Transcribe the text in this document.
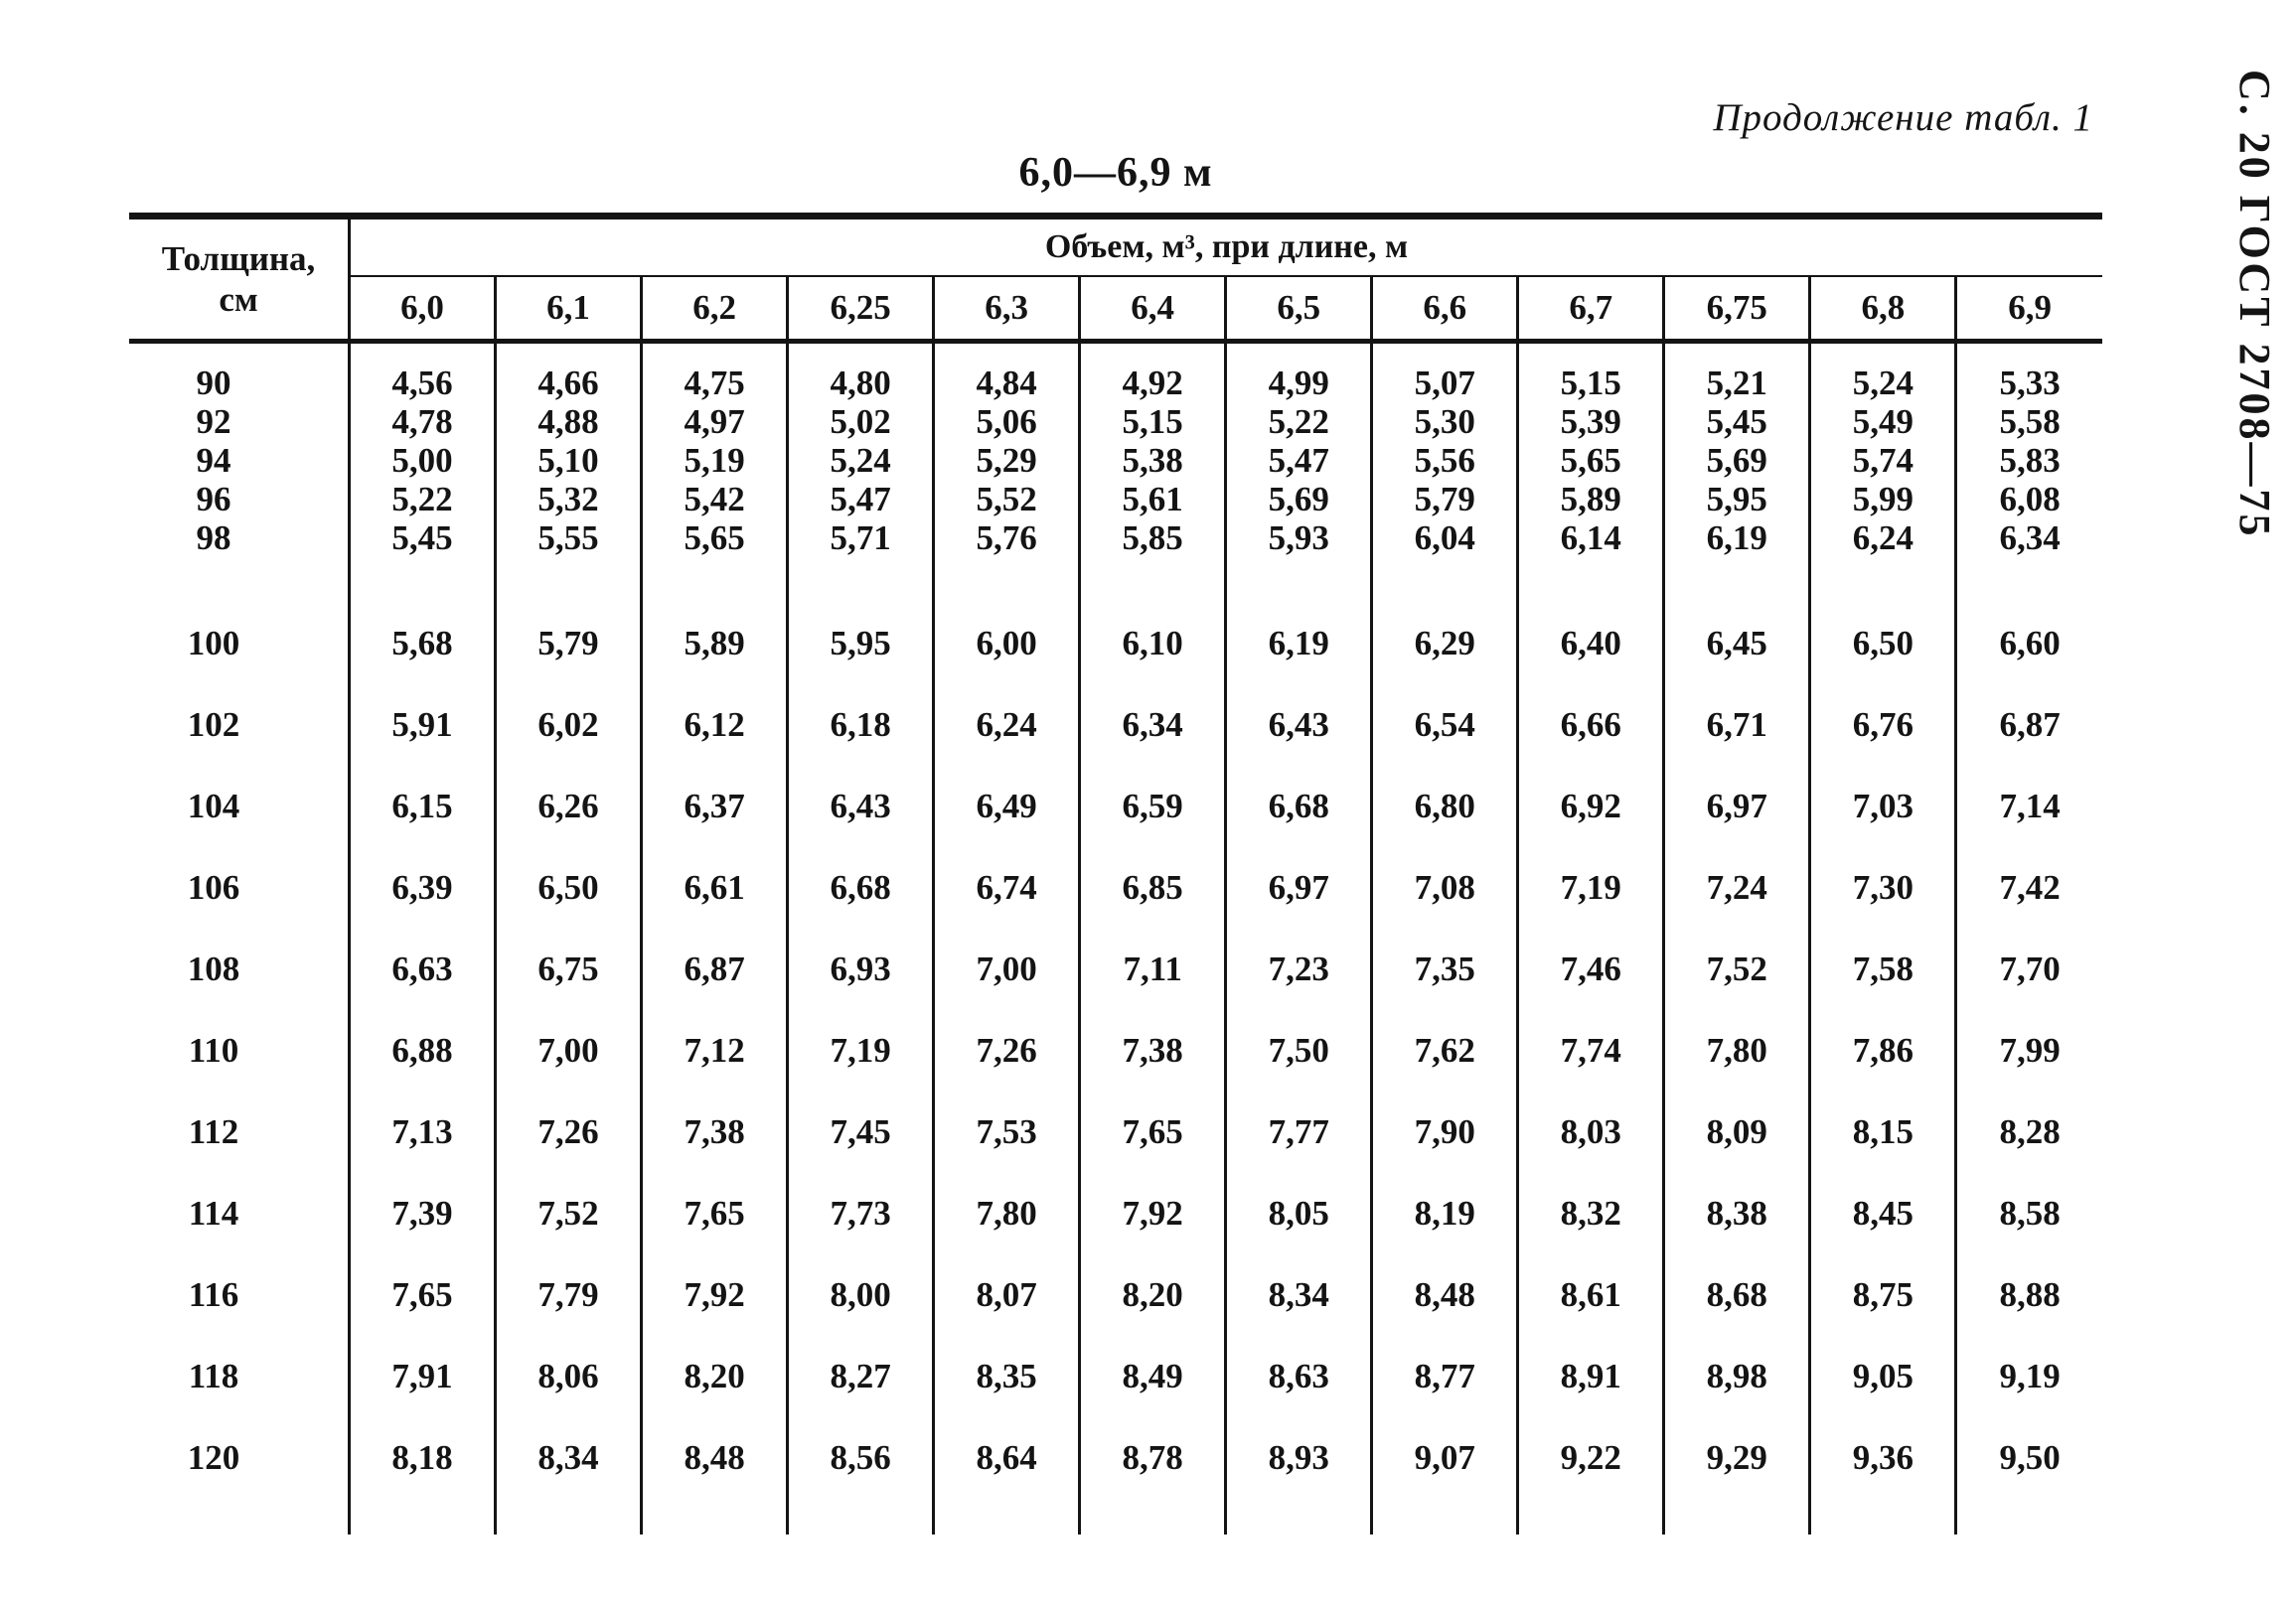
Продолжение табл. 1	С. 20 ГОСТ 2708—75
6,0—6,9 м
Толщина,
см	Объем, м³, при длине, м											
	6,0	6,1	6,2	6,25	6,3	6,4	6,5	6,6	6,7	6,75	6,8	6,9
90	4,56	4,66	4,75	4,80	4,84	4,92	4,99	5,07	5,15	5,21	5,24	5,33
92	4,78	4,88	4,97	5,02	5,06	5,15	5,22	5,30	5,39	5,45	5,49	5,58
94	5,00	5,10	5,19	5,24	5,29	5,38	5,47	5,56	5,65	5,69	5,74	5,83
96	5,22	5,32	5,42	5,47	5,52	5,61	5,69	5,79	5,89	5,95	5,99	6,08
98	5,45	5,55	5,65	5,71	5,76	5,85	5,93	6,04	6,14	6,19	6,24	6,34
100	5,68	5,79	5,89	5,95	6,00	6,10	6,19	6,29	6,40	6,45	6,50	6,60
102	5,91	6,02	6,12	6,18	6,24	6,34	6,43	6,54	6,66	6,71	6,76	6,87
104	6,15	6,26	6,37	6,43	6,49	6,59	6,68	6,80	6,92	6,97	7,03	7,14
106	6,39	6,50	6,61	6,68	6,74	6,85	6,97	7,08	7,19	7,24	7,30	7,42
108	6,63	6,75	6,87	6,93	7,00	7,11	7,23	7,35	7,46	7,52	7,58	7,70
110	6,88	7,00	7,12	7,19	7,26	7,38	7,50	7,62	7,74	7,80	7,86	7,99
112	7,13	7,26	7,38	7,45	7,53	7,65	7,77	7,90	8,03	8,09	8,15	8,28
114	7,39	7,52	7,65	7,73	7,80	7,92	8,05	8,19	8,32	8,38	8,45	8,58
116	7,65	7,79	7,92	8,00	8,07	8,20	8,34	8,48	8,61	8,68	8,75	8,88
118	7,91	8,06	8,20	8,27	8,35	8,49	8,63	8,77	8,91	8,98	9,05	9,19
120	8,18	8,34	8,48	8,56	8,64	8,78	8,93	9,07	9,22	9,29	9,36	9,50
